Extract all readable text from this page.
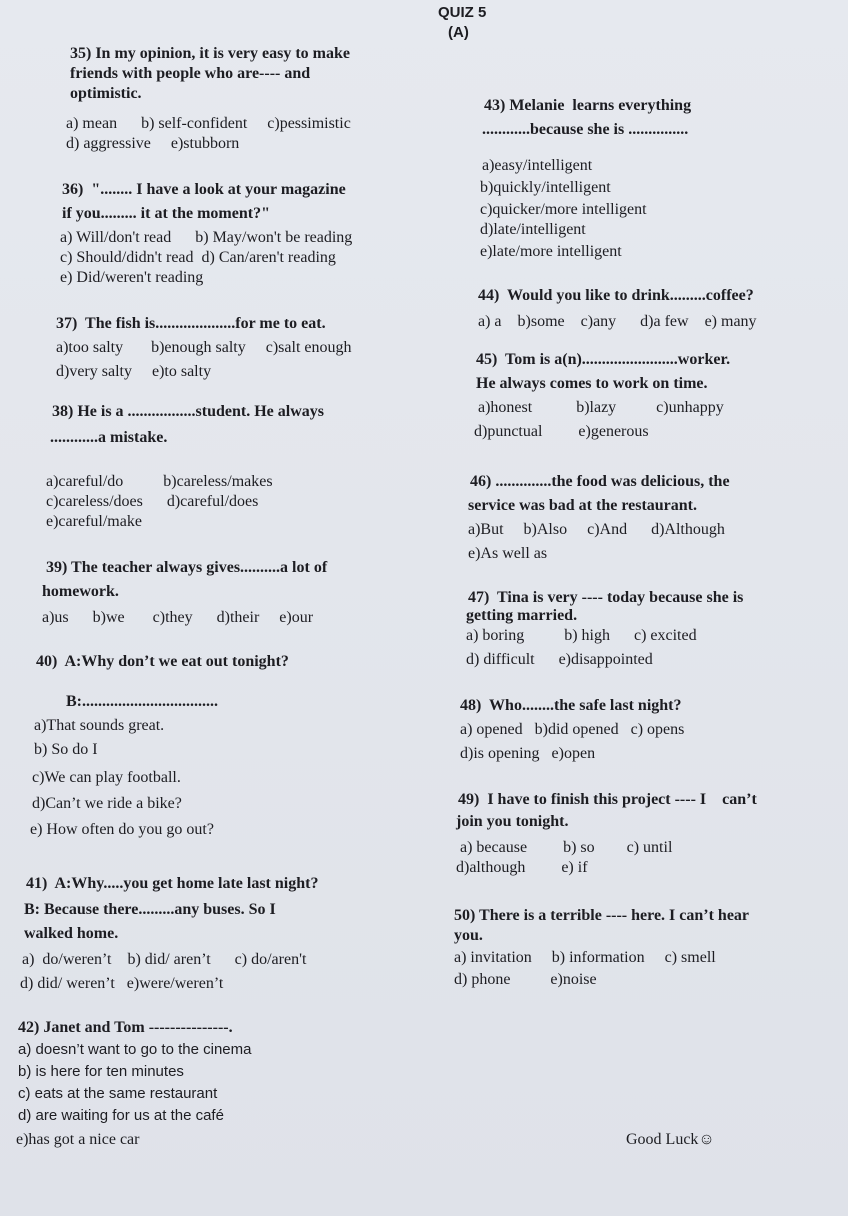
QUIZ 5
(A)
35) In my opinion, it is very easy to make
friends with people who are---- and
optimistic.
a) mean      b) self-confident     c)pessimistic
d) aggressive     e)stubborn
36)  "........ I have a look at your magazine
if you......... it at the moment?"
a) Will/don't read      b) May/won't be reading
c) Should/didn't read  d) Can/aren't reading
e) Did/weren't reading
37)  The fish is....................for me to eat.
a)too salty       b)enough salty     c)salt enough
d)very salty     e)to salty
38) He is a .................student. He always
............a mistake.
a)careful/do          b)careless/makes
c)careless/does      d)careful/does
e)careful/make
39) The teacher always gives..........a lot of
homework.
a)us      b)we       c)they      d)their     e)our
40)  A:Why don’t we eat out tonight?
B:..................................
a)That sounds great.
b) So do I
c)We can play football.
d)Can’t we ride a bike?
e) How often do you go out?
41)  A:Why.....you get home late last night?
B: Because there.........any buses. So I
walked home.
a)  do/weren’t    b) did/ aren’t      c) do/aren't
d) did/ weren’t   e)were/weren’t
42) Janet and Tom ---------------.
a) doesn’t want to go to the cinema
b) is here for ten minutes
c) eats at the same restaurant
d) are waiting for us at the café
e)has got a nice car
43) Melanie  learns everything
............because she is ...............
a)easy/intelligent
b)quickly/intelligent
c)quicker/more intelligent
d)late/intelligent
e)late/more intelligent
44)  Would you like to drink.........coffee?
a) a    b)some    c)any      d)a few    e) many
45)  Tom is a(n)........................worker.
He always comes to work on time.
a)honest           b)lazy          c)unhappy
d)punctual         e)generous
46) ..............the food was delicious, the
service was bad at the restaurant.
a)But     b)Also     c)And      d)Although
e)As well as
47)  Tina is very ---- today because she is
getting married.
a) boring          b) high      c) excited
d) difficult      e)disappointed
48)  Who........the safe last night?
a) opened   b)did opened   c) opens
d)is opening   e)open
49)  I have to finish this project ---- I    can’t
join you tonight.
a) because         b) so        c) until
d)although         e) if
50) There is a terrible ---- here. I can’t hear
you.
a) invitation     b) information     c) smell
d) phone          e)noise
Good Luck☺
